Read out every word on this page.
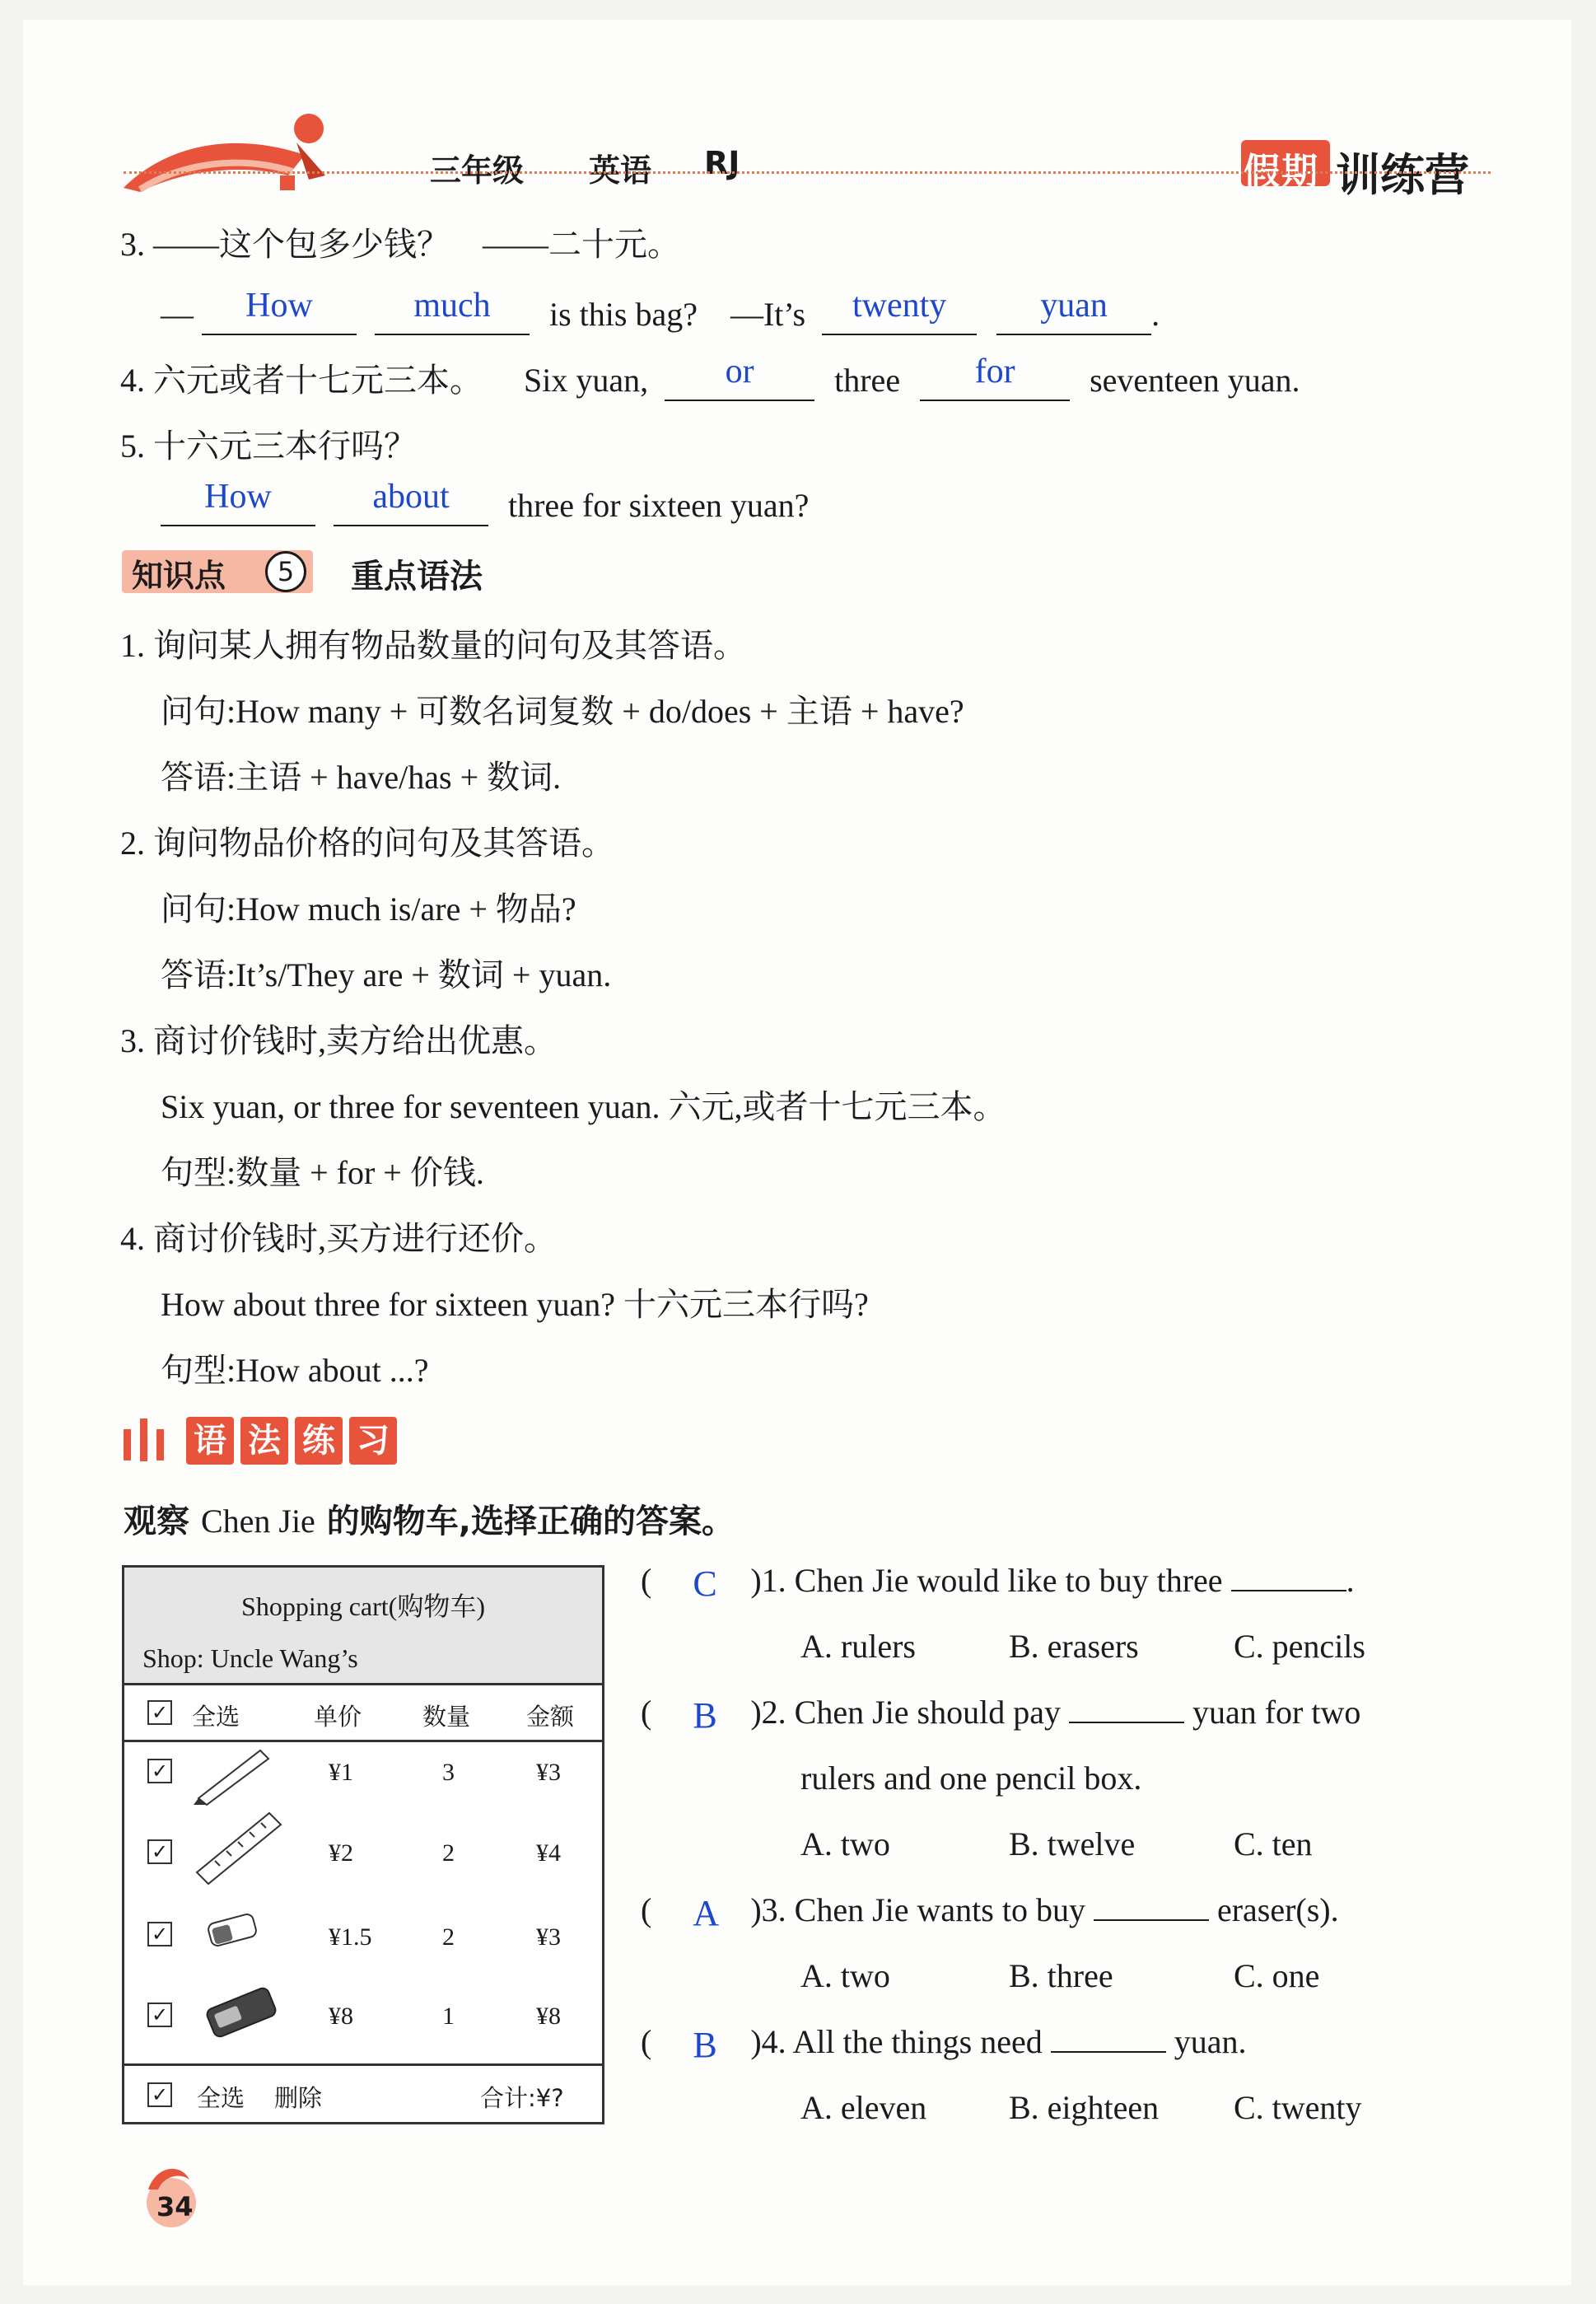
三年级 英语 RJ	假期 训练营
3. ——这个包多少钱？　——二十元。
—	How
	much	is this bag?　—It’s	twenty
	yuan	.
4. 六元或者十七元三本。 Six yuan,	or	three	for	seventeen yuan.
5. 十六元三本行吗？
How
	about	three for sixteen yuan?
知识点	5	重点语法
1. 询问某人拥有物品数量的问句及其答语。
问句:How many + 可数名词复数 + do/does + 主语 + have?
答语:主语 + have/has + 数词.
2. 询问物品价格的问句及其答语。
问句:How much is/are + 物品?
答语:It’s/They are + 数词 + yuan.
3. 商讨价钱时,卖方给出优惠。
Six yuan, or three for seventeen yuan. 六元,或者十七元三本。
句型:数量 + for + 价钱.
4. 商讨价钱时,买方进行还价。
How about three for sixteen yuan? 十六元三本行吗?
句型:How about ...?
语 法 练 习
观察 Chen Jie 的购物车,选择正确的答案。
Shopping cart(购物车)
Shop: Uncle Wang’s
✓ 全选	单价	数量 金额
✓	¥1	3	¥3
✓	¥2	2	¥4
✓	¥1.5	2	¥3
✓	¥8	1	¥8
✓ 全选 删除	合计:¥?
( C )1. Chen Jie would like to buy three	.
A. rulers	B. erasers	C. pencils
( B )2. Chen Jie should pay	yuan for two
rulers and one pencil box.
A. two	B. twelve	C. ten
( A )3. Chen Jie wants to buy	eraser(s).
A. two	B. three	C. one
( B )4. All the things need	yuan.
A. eleven B. eighteen C. twenty
34
